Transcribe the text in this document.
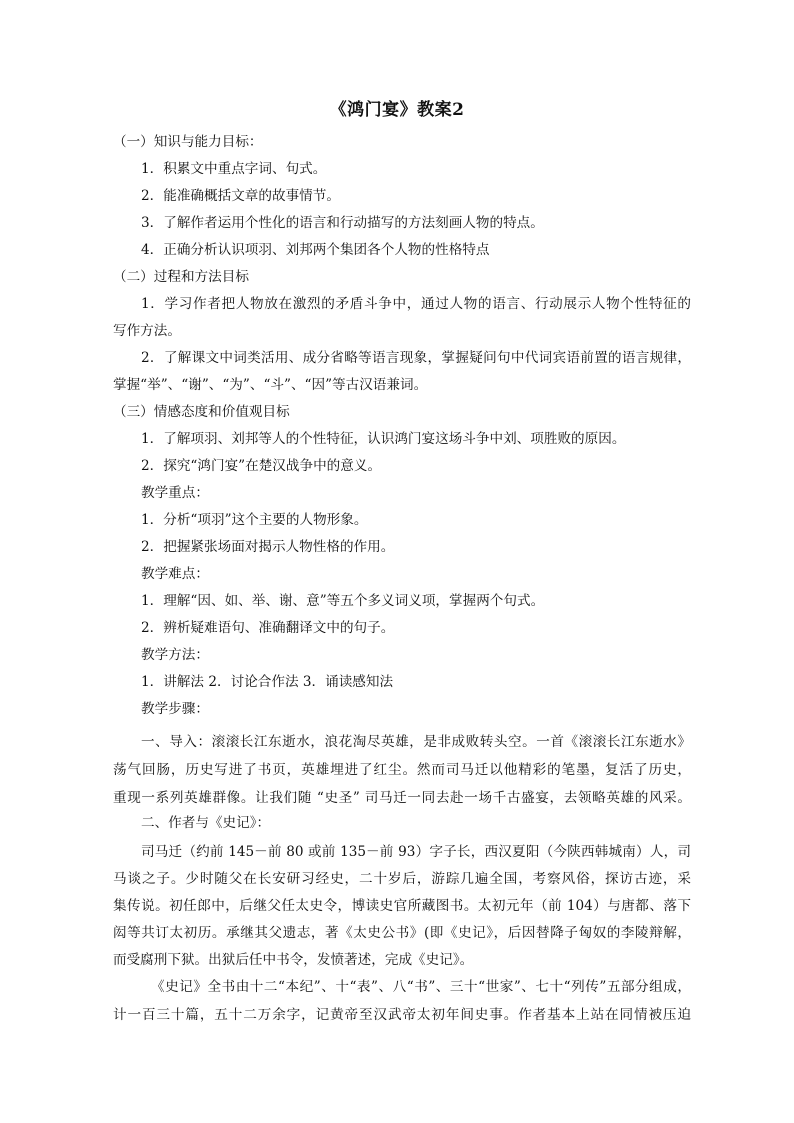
《鸿门宴》教案2
（一）知识与能力目标：
1．积累文中重点字词、句式。
2．能准确概括文章的故事情节。
3．了解作者运用个性化的语言和行动描写的方法刻画人物的特点。
4．正确分析认识项羽、刘邦两个集团各个人物的性格特点
（二）过程和方法目标
1．学习作者把人物放在激烈的矛盾斗争中，通过人物的语言、行动展示人物个性特征的
写作方法。
2．了解课文中词类活用、成分省略等语言现象，掌握疑问句中代词宾语前置的语言规律，
掌握“举”、“谢”、“为”、“斗”、“因”等古汉语兼词。
（三）情感态度和价值观目标
1．了解项羽、刘邦等人的个性特征，认识鸿门宴这场斗争中刘、项胜败的原因。
2．探究“鸿门宴”在楚汉战争中的意义。
教学重点：
1．分析“项羽”这个主要的人物形象。
2．把握紧张场面对揭示人物性格的作用。
教学难点：
1．理解“因、如、举、谢、意”等五个多义词义项，掌握两个句式。
2．辨析疑难语句、准确翻译文中的句子。
教学方法：
1．讲解法 2．讨论合作法 3．诵读感知法
教学步骤：
一、导入：滚滚长江东逝水，浪花淘尽英雄，是非成败转头空。一首《滚滚长江东逝水》
荡气回肠，历史写进了书页，英雄埋进了红尘。然而司马迁以他精彩的笔墨，复活了历史，
重现一系列英雄群像。让我们随 “史圣” 司马迁一同去赴一场千古盛宴，去领略英雄的风采。
二、作者与《史记》：
司马迁（约前 145－前 80 或前 135－前 93）字子长，西汉夏阳（今陕西韩城南）人，司
马谈之子。少时随父在长安研习经史，二十岁后，游踪几遍全国，考察风俗，探访古迹，采
集传说。初任郎中，后继父任太史令，博读史官所藏图书。太初元年（前 104）与唐都、落下
闳等共订太初历。承继其父遗志，著《太史公书》(即《史记》，后因替降子匈奴的李陵辩解，
而受腐刑下狱。出狱后任中书令，发愤著述，完成《史记》。
《史记》全书由十二“本纪”、十“表”、八“书”、三十“世家”、七十“列传”五部分组成，
计一百三十篇，五十二万余字，记黄帝至汉武帝太初年间史事。作者基本上站在同情被压迫
